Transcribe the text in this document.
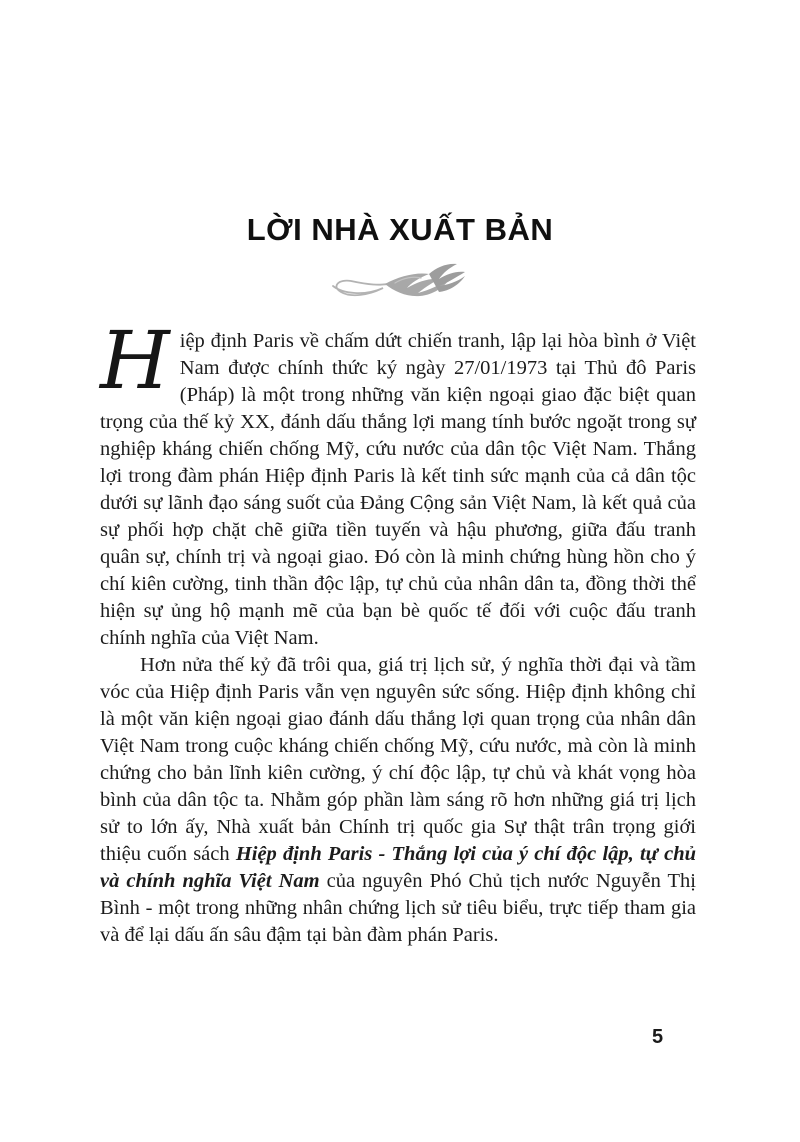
LỜI NHÀ XUẤT BẢN

Hiệp định Paris về chấm dứt chiến tranh, lập lại hòa bình ở Việt Nam được chính thức ký ngày 27/01/1973 tại Thủ đô Paris (Pháp) là một trong những văn kiện ngoại giao đặc biệt quan trọng của thế kỷ XX, đánh dấu thắng lợi mang tính bước ngoặt trong sự nghiệp kháng chiến chống Mỹ, cứu nước của dân tộc Việt Nam. Thắng lợi trong đàm phán Hiệp định Paris là kết tinh sức mạnh của cả dân tộc dưới sự lãnh đạo sáng suốt của Đảng Cộng sản Việt Nam, là kết quả của sự phối hợp chặt chẽ giữa tiền tuyến và hậu phương, giữa đấu tranh quân sự, chính trị và ngoại giao. Đó còn là minh chứng hùng hồn cho ý chí kiên cường, tinh thần độc lập, tự chủ của nhân dân ta, đồng thời thể hiện sự ủng hộ mạnh mẽ của bạn bè quốc tế đối với cuộc đấu tranh chính nghĩa của Việt Nam.

Hơn nửa thế kỷ đã trôi qua, giá trị lịch sử, ý nghĩa thời đại và tầm vóc của Hiệp định Paris vẫn vẹn nguyên sức sống. Hiệp định không chỉ là một văn kiện ngoại giao đánh dấu thắng lợi quan trọng của nhân dân Việt Nam trong cuộc kháng chiến chống Mỹ, cứu nước, mà còn là minh chứng cho bản lĩnh kiên cường, ý chí độc lập, tự chủ và khát vọng hòa bình của dân tộc ta. Nhằm góp phần làm sáng rõ hơn những giá trị lịch sử to lớn ấy, Nhà xuất bản Chính trị quốc gia Sự thật trân trọng giới thiệu cuốn sách Hiệp định Paris - Thắng lợi của ý chí độc lập, tự chủ và chính nghĩa Việt Nam của nguyên Phó Chủ tịch nước Nguyễn Thị Bình - một trong những nhân chứng lịch sử tiêu biểu, trực tiếp tham gia và để lại dấu ấn sâu đậm tại bàn đàm phán Paris.

5
